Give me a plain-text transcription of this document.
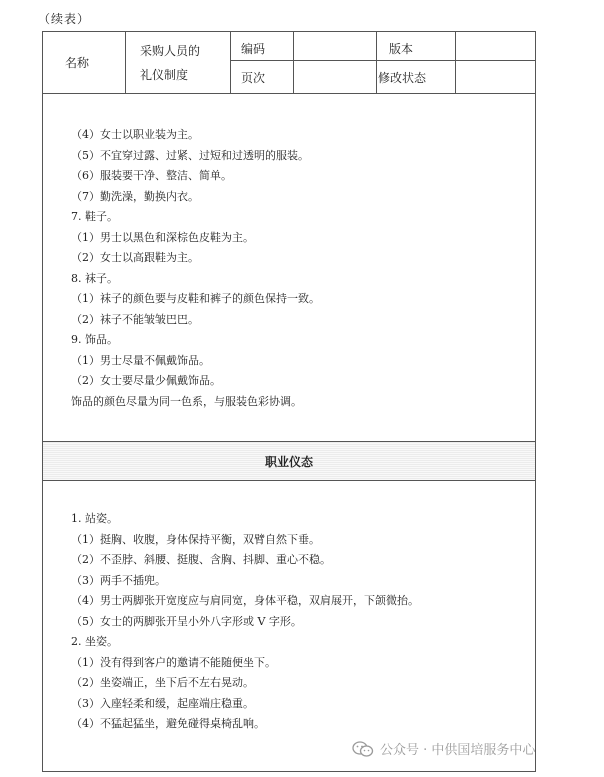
（续表）
名称
采购人员的
礼仪制度
编码
页次
版本
修改状态
（4）女士以职业装为主。
（5）不宜穿过露、过紧、过短和过透明的服装。
（6）服装要干净、整洁、简单。
（7）勤洗澡，勤换内衣。
7. 鞋子。
（1）男士以黑色和深棕色皮鞋为主。
（2）女士以高跟鞋为主。
8. 袜子。
（1）袜子的颜色要与皮鞋和裤子的颜色保持一致。
（2）袜子不能皱皱巴巴。
9. 饰品。
（1）男士尽量不佩戴饰品。
（2）女士要尽量少佩戴饰品。
饰品的颜色尽量为同一色系，与服装色彩协调。
职业仪态
1. 站姿。
（1）挺胸、收腹，身体保持平衡，双臂自然下垂。
（2）不歪脖、斜腰、挺腹、含胸、抖脚、重心不稳。
（3）两手不插兜。
（4）男士两脚张开宽度应与肩同宽，身体平稳，双肩展开，下颌微抬。
（5）女士的两脚张开呈小外八字形或 V 字形。
2. 坐姿。
（1）没有得到客户的邀请不能随便坐下。
（2）坐姿端正，坐下后不左右晃动。
（3）入座轻柔和缓，起座端庄稳重。
（4）不猛起猛坐，避免碰得桌椅乱响。
公众号 · 中供国培服务中心
